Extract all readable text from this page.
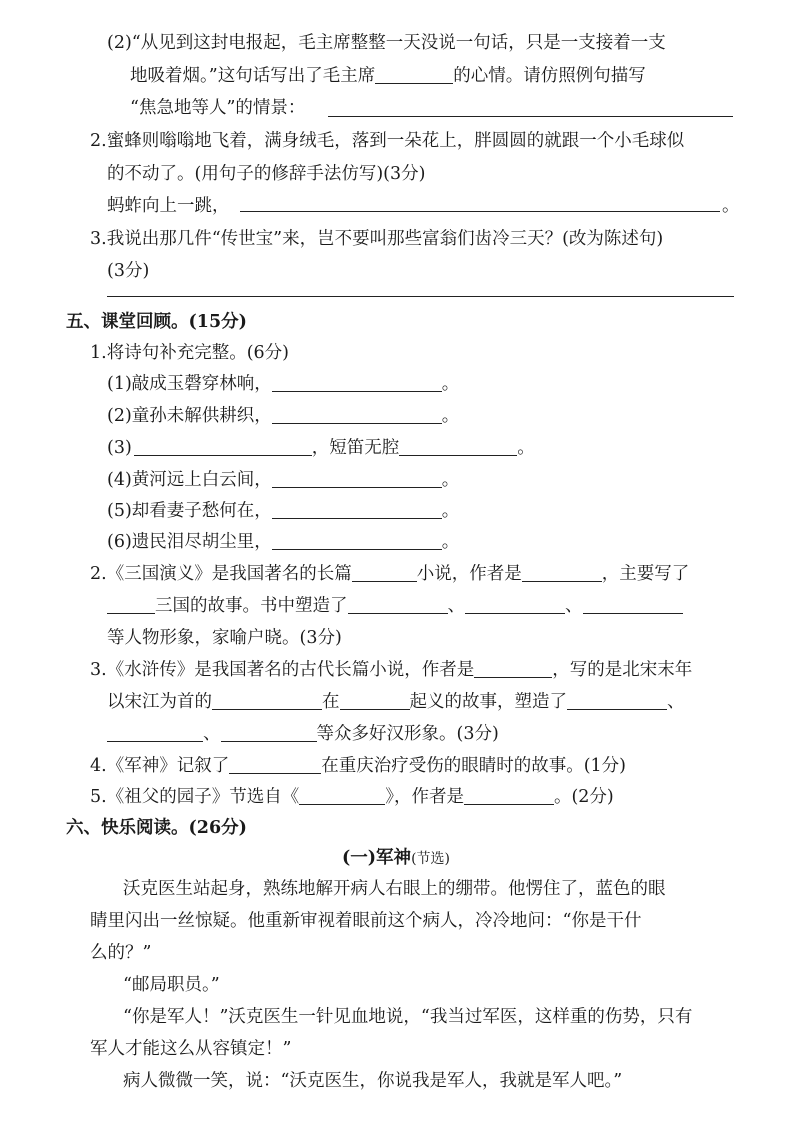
(2)“从见到这封电报起，毛主席整整一天没说一句话，只是一支接着一支
地吸着烟。”这句话写出了毛主席	的心情。请仿照例句描写
“焦急地等人”的情景：
2.蜜蜂则嗡嗡地飞着，满身绒毛，落到一朵花上，胖圆圆的就跟一个小毛球似
的不动了。(用句子的修辞手法仿写)(3分)
蚂蚱向上一跳，	。
3.我说出那几件“传世宝”来，岂不要叫那些富翁们齿冷三天？(改为陈述句)
(3分)
五、课堂回顾。(15分)
1.将诗句补充完整。(6分)
(1)敲成玉磬穿林响，	。
(2)童孙未解供耕织，	。
(3)	，短笛无腔	。
(4)黄河远上白云间，	。
(5)却看妻子愁何在，	。
(6)遗民泪尽胡尘里，	。
2.《三国演义》是我国著名的长篇	小说，作者是	，主要写了
三国的故事。书中塑造了	、	、
等人物形象，家喻户晓。(3分)
3.《水浒传》是我国著名的古代长篇小说，作者是	，写的是北宋末年
以宋江为首的	在	起义的故事，塑造了	、
、	等众多好汉形象。(3分)
4.《军神》记叙了	在重庆治疗受伤的眼睛时的故事。(1分)
5.《祖父的园子》节选自《	》，作者是	。(2分)
六、快乐阅读。(26分)
(一)军神(节选)
沃克医生站起身，熟练地解开病人右眼上的绷带。他愣住了，蓝色的眼
睛里闪出一丝惊疑。他重新审视着眼前这个病人，冷冷地问：“你是干什
么的？”
“邮局职员。”
“你是军人！”沃克医生一针见血地说，“我当过军医，这样重的伤势，只有
军人才能这么从容镇定！”
病人微微一笑，说：“沃克医生，你说我是军人，我就是军人吧。”
